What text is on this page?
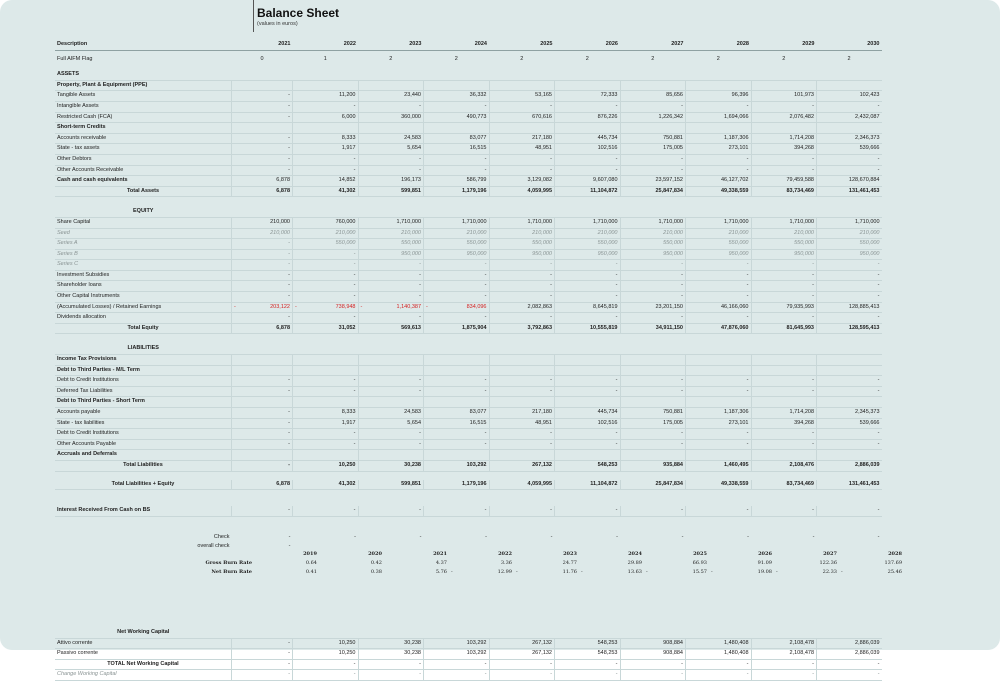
Balance Sheet
(values in euros)
Description	2021	2022	2023	2024	2025	2026	2027	2028	2029	2030

Full AIFM Flag	0	1	2	2	2	2	2	2	2	2

ASSETS										
Property, Plant & Equipment (PPE)										
Tangible Assets	-	11,200	23,440	36,332	53,165	72,333	85,656	96,396	101,973	102,423
Intangible Assets	-	-	-	-	-	-	-	-	-	-
Restricted Cash (FCA)	-	6,000	360,000	490,773	670,616	876,226	1,226,342	1,694,066	2,076,482	2,432,087
Short-term Credits										
Accounts receivable	-	8,333	24,583	83,077	217,180	445,734	750,881	1,187,306	1,714,208	2,346,373
State - tax assets	-	1,917	5,654	16,515	48,951	102,516	175,005	273,101	394,268	539,666
Other Debtors	-	-	-	-	-	-	-	-	-	-
Other Accounts Receivable	-	-	-	-	-	-	-	-	-	-
Cash and cash equivalents	6,878	14,852	196,173	586,799	3,129,082	9,607,080	23,597,152	46,127,702	79,459,588	128,670,884
Total Assets	6,878	41,302	599,851	1,179,196	4,059,995	11,104,872	25,847,834	49,338,559	83,734,469	131,461,453

EQUITY										
Share Capital	210,000	760,000	1,710,000	1,710,000	1,710,000	1,710,000	1,710,000	1,710,000	1,710,000	1,710,000
Seed	210,000	210,000	210,000	210,000	210,000	210,000	210,000	210,000	210,000	210,000
Series A	-	550,000	550,000	550,000	550,000	550,000	550,000	550,000	550,000	550,000
Series B	-	-	950,000	950,000	950,000	950,000	950,000	950,000	950,000	950,000
Series C	-	-	-	-	-	-	-	-	-	-
Investment Subsidies	-	-	-	-	-	-	-	-	-	-
Shareholder loans	-	-	-	-	-	-	-	-	-	-
Other Capital Instruments	-	-	-	-	-	-	-	-	-	-
(Accumulated Losses) / Retained Earnings	- 203,122	- 738,948	- 1,140,387	- 834,096	2,082,863	8,645,819	23,201,150	46,166,060	79,935,993	128,885,413
Dividends allocation	-	-	-	-	-	-	-	-	-	-
Total Equity	6,878	31,052	569,613	1,875,904	3,792,863	10,555,819	34,911,150	47,876,060	81,645,993	128,595,413

LIABILITIES										
Income Tax Provisions										
Debt to Third Parties - M/L Term										
Debt to Credit Institutions	-	-	-	-	-	-	-	-	-	-
Deferred Tax Liabilities	-	-	-	-	-	-	-	-	-	-
Debt to Third Parties - Short Term										
Accounts payable	-	8,333	24,583	83,077	217,180	445,734	750,881	1,187,306	1,714,208	2,345,373
State - tax liabilities	-	1,917	5,654	16,515	48,951	102,516	175,005	273,101	394,268	539,666
Debt to Credit Institutions	-	-	-	-	-	-	-	-	-	-
Other Accounts Payable	-	-	-	-	-	-	-	-	-	-
Accruals and Deferrals										
Total Liabilities	-	10,250	30,238	103,292	267,132	548,253	935,884	1,460,495	2,108,476	2,886,039

Total Liabilities + Equity	6,878	41,302	599,851	1,179,196	4,059,995	11,104,872	25,847,834	49,338,559	83,734,469	131,461,453

Interest Received From Cash on BS	-	-	-	-	-	-	-	-	-	-

Check	-	-	-	-	-	-	-	-	-	-
overall check	-									

Net Working Capital										
Attivo corrente	-	10,250	30,238	103,292	267,132	548,253	908,884	1,480,408	2,108,478	2,886,039
Passivo corrente	-	10,250	30,238	103,292	267,132	548,253	908,884	1,480,408	2,108,478	2,886,039
TOTAL Net Working Capital	-	-	-	-	-	-	-	-	-	-
Change Working Capital	-	-	-	-	-	-	-	-	-	-
	2019	2020	2021	2022	2023	2024	2025	2026	2027	2028
Gross Burn Rate	0.64	0.42	4.37	3.36	24.77	29.89	66.93	91.09	122.36	137.69
Net Burn Rate	0.41	0.38	5.76	- 12.99	- 11.76	- 13.63	- 15.57	- 19.08	- 22.33	- 25.46
